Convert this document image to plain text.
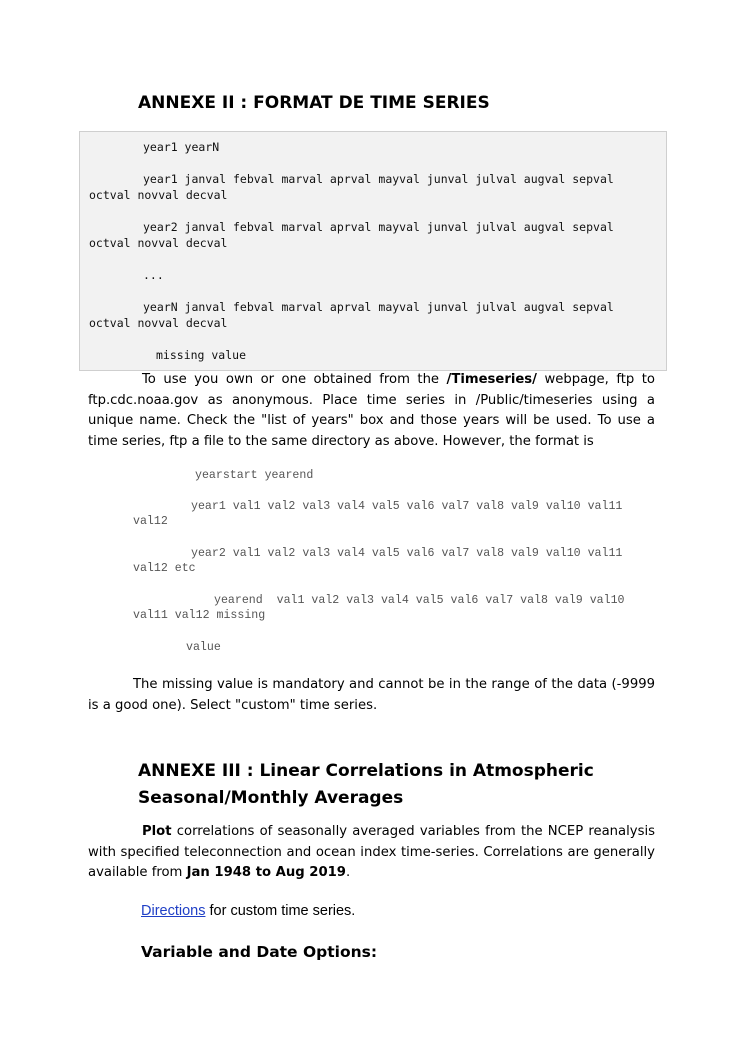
ANNEXE II : FORMAT DE TIME SERIES
year1 yearN
year1 janval febval marval aprval mayval junval julval augval sepval
octval novval decval
year2 janval febval marval aprval mayval junval julval augval sepval
octval novval decval
...
yearN janval febval marval aprval mayval junval julval augval sepval
octval novval decval
missing value
To use you own or one obtained from the /Timeseries/ webpage, ftp to ftp.cdc.noaa.gov as anonymous. Place time series in /Public/timeseries using a unique name. Check the "list of years" box and those years will be used. To use a time series, ftp a file to the same directory as above. However, the format is
yearstart yearend
year1 val1 val2 val3 val4 val5 val6 val7 val8 val9 val10 val11
val12
year2 val1 val2 val3 val4 val5 val6 val7 val8 val9 val10 val11
val12 etc
yearend  val1 val2 val3 val4 val5 val6 val7 val8 val9 val10
val11 val12 missing
value
The missing value is mandatory and cannot be in the range of the data (-9999 is a good one). Select "custom" time series.
ANNEXE III : Linear Correlations in Atmospheric
Seasonal/Monthly Averages
Plot correlations of seasonally averaged variables from the NCEP reanalysis with specified teleconnection and ocean index time-series. Correlations are generally available from Jan 1948 to Aug 2019.
Directions for custom time series.
Variable and Date Options:
